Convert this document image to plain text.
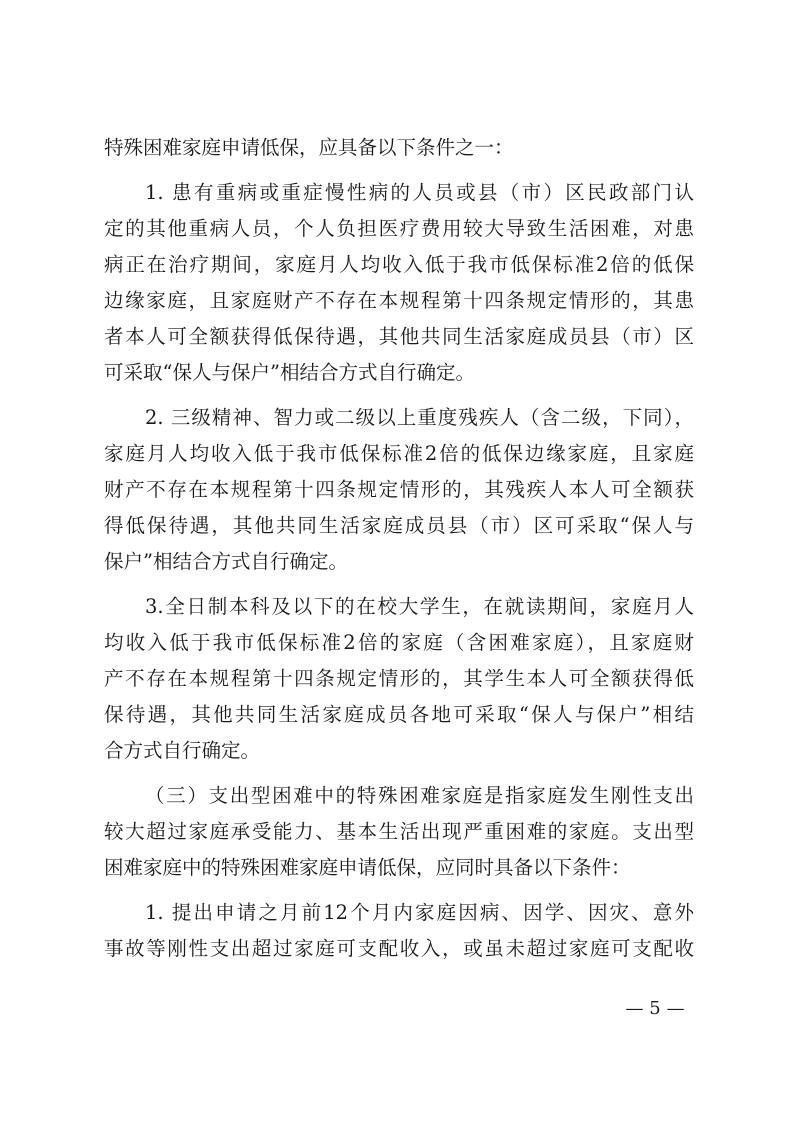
特殊困难家庭申请低保，应具备以下条件之一：
1. 患有重病或重症慢性病的人员或县（市）区民政部门认
定的其他重病人员，个人负担医疗费用较大导致生活困难，对患
病正在治疗期间，家庭月人均收入低于我市低保标准2倍的低保
边缘家庭，且家庭财产不存在本规程第十四条规定情形的，其患
者本人可全额获得低保待遇，其他共同生活家庭成员县（市）区
可采取“保人与保户”相结合方式自行确定。
2. 三级精神、智力或二级以上重度残疾人（含二级，下同），
家庭月人均收入低于我市低保标准2倍的低保边缘家庭，且家庭
财产不存在本规程第十四条规定情形的，其残疾人本人可全额获
得低保待遇，其他共同生活家庭成员县（市）区可采取“保人与
保户”相结合方式自行确定。
3.全日制本科及以下的在校大学生，在就读期间，家庭月人
均收入低于我市低保标准2倍的家庭（含困难家庭），且家庭财
产不存在本规程第十四条规定情形的，其学生本人可全额获得低
保待遇，其他共同生活家庭成员各地可采取“保人与保户”相结
合方式自行确定。
（三）支出型困难中的特殊困难家庭是指家庭发生刚性支出
较大超过家庭承受能力、基本生活出现严重困难的家庭。支出型
困难家庭中的特殊困难家庭申请低保，应同时具备以下条件：
1. 提出申请之月前12个月内家庭因病、因学、因灾、意外
事故等刚性支出超过家庭可支配收入，或虽未超过家庭可支配收
— 5 —
